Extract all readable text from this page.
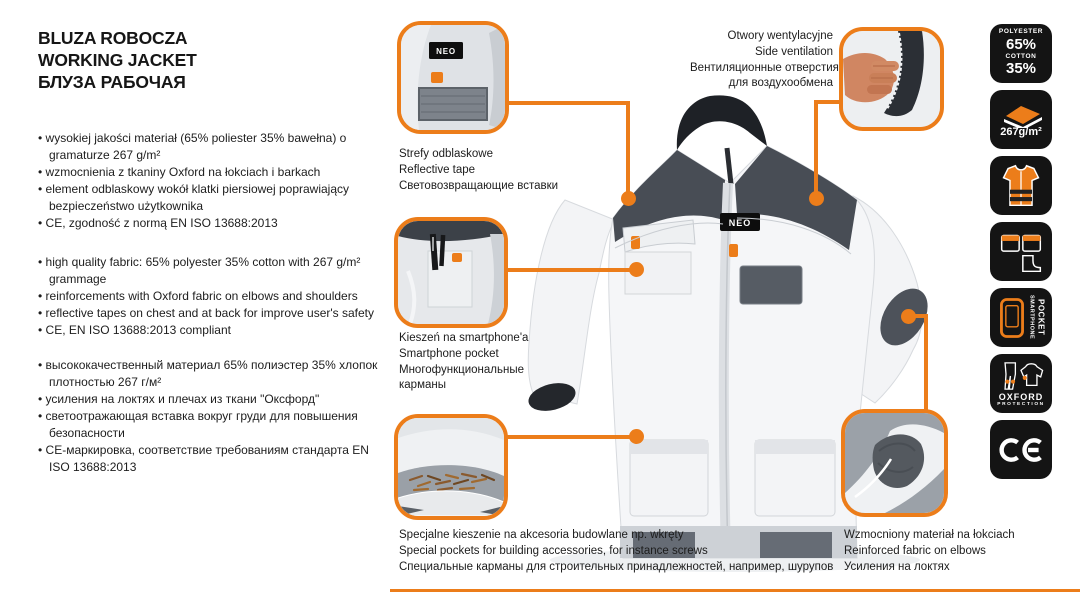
BLUZA ROBOCZA
WORKING JACKET
БЛУЗА РАБОЧАЯ
• wysokiej jakości materiał (65% poliester 35% bawełna) o gramaturze 267 g/m²
• wzmocnienia z tkaniny Oxford na łokciach i barkach
• element odblaskowy wokół klatki piersiowej poprawiający bezpieczeństwo użytkownika
• CE, zgodność z normą EN ISO 13688:2013
• high quality fabric: 65% polyester 35% cotton with 267 g/m² grammage
• reinforcements with Oxford fabric on elbows and shoulders
• reflective tapes on chest and at back for improve user's safety
• CE, EN ISO 13688:2013 compliant
• высококачественный материал 65% полиэстер 35% хлопок плотностью 267 г/м²
• усиления на локтях и плечах из ткани "Оксфорд"
• светоотражающая вставка вокруг груди для повышения безопасности
• CE-маркировка, соответствие требованиям стандарта EN ISO 13688:2013
NEO
NEO
Strefy odblaskowe
Reflective tape
Световозвращающие вставки
Kieszeń na smartphone'a
Smartphone pocket
Многофункциональные
карманы
Specjalne kieszenie na akcesoria budowlane np. wkręty
Special pockets for building accessories, for instance screws
Специальные карманы для строительных принадлежностей, например, шурупов
Otwory wentylacyjne
Side ventilation
Вентиляционные отверстия
для воздухообмена
Wzmocniony materiał na łokciach
Reinforced fabric on elbows
Усиления на локтях
POLYESTER
65%
COTTON
35%
267g/m²
SMARTPHONE POCKET
OXFORD
PROTECTION
